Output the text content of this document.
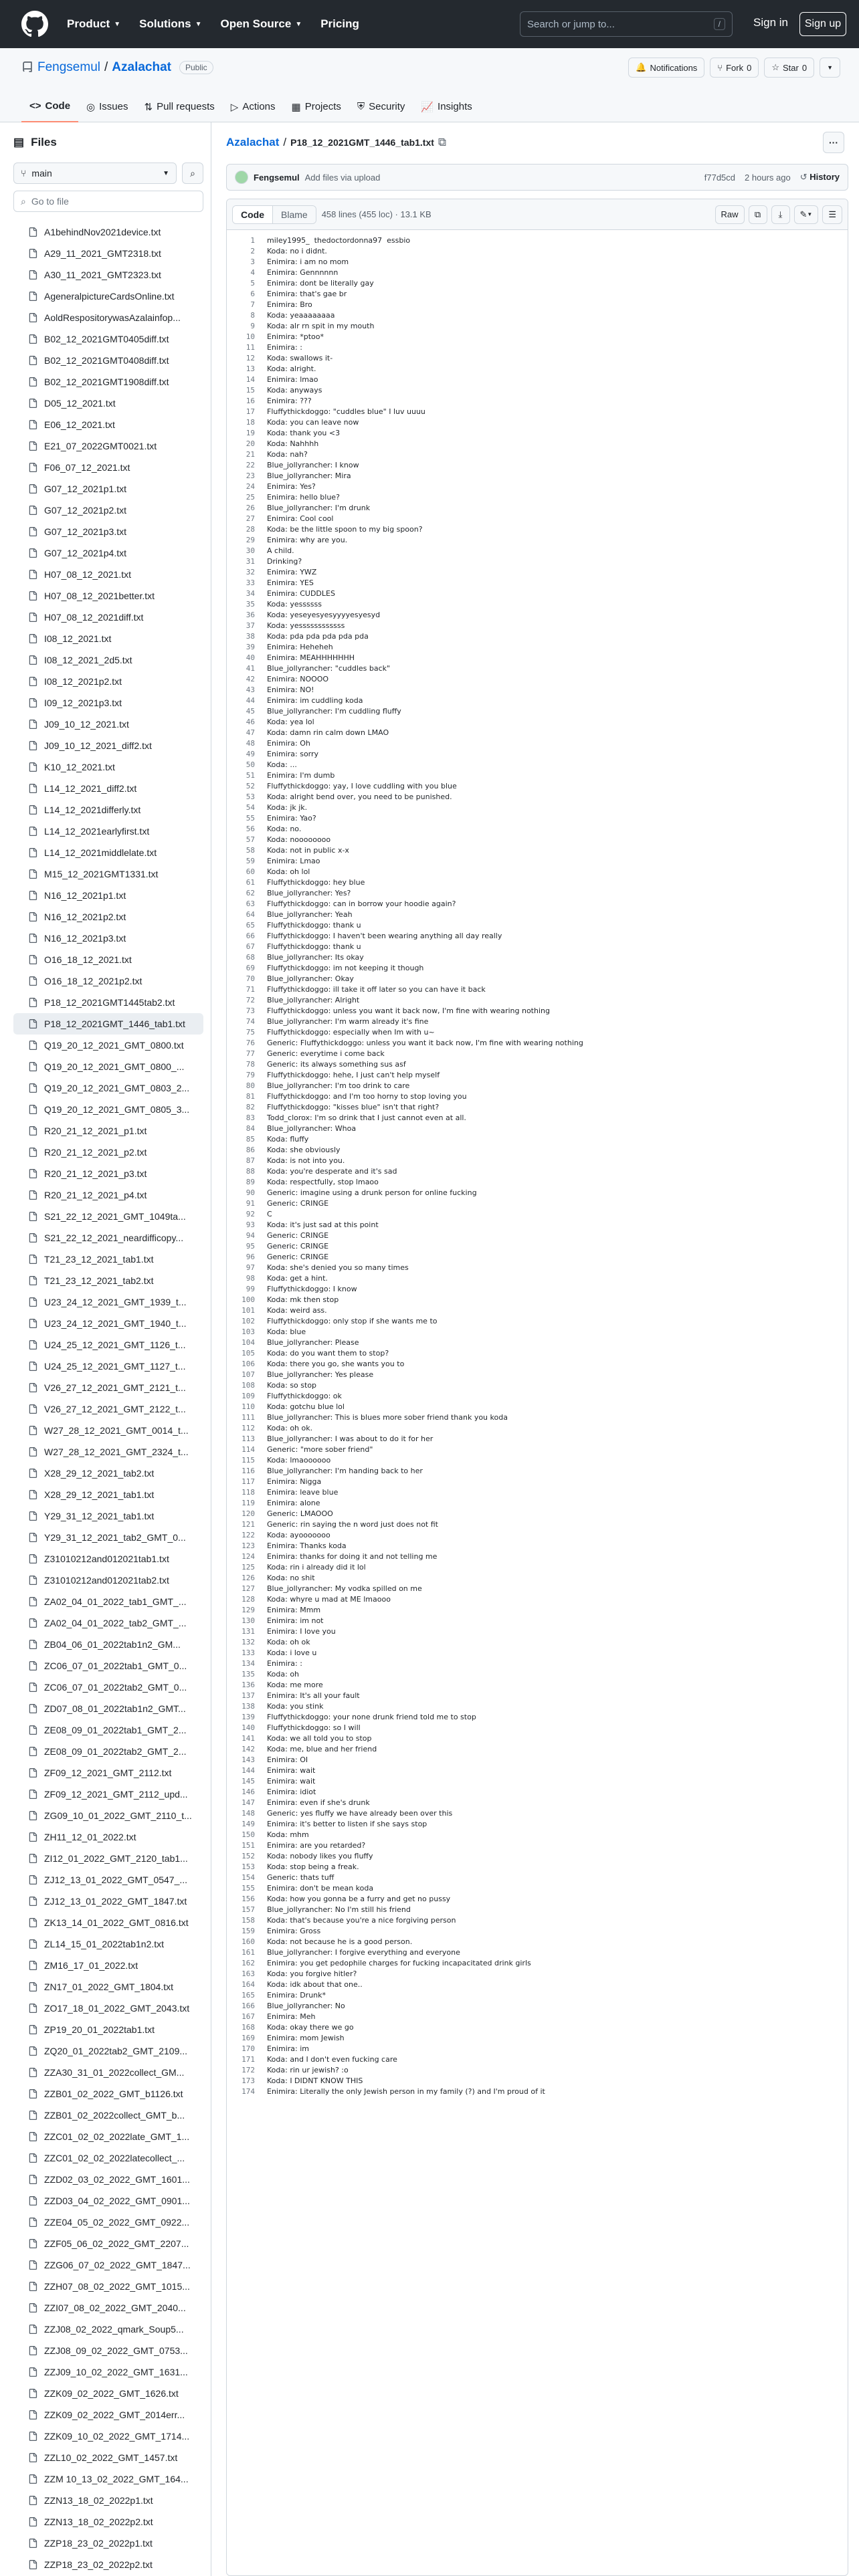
Product ▼ Solutions ▼ Open Source ▼ Pricing	Search or jump to...	/	Sign in	Sign up
Fengsemul / Azalachat	Public	🔔 Notifications ⑂ Fork 0 ☆ Star 0	▼
<> Code ◎ Issues ⇅ Pull requests ▷ Actions ▦ Projects ⛨ Security 📈 Insights
▤ Files
⑂ main	▼ ⌕
⌕ Go to file
A1behindNov2021device.txt
A29_11_2021_GMT2318.txt
A30_11_2021_GMT2323.txt
AgeneralpictureCardsOnline.txt
AoldRespositorywasAzalainfop...
B02_12_2021GMT0405diff.txt
B02_12_2021GMT0408diff.txt
B02_12_2021GMT1908diff.txt
D05_12_2021.txt
E06_12_2021.txt
E21_07_2022GMT0021.txt
F06_07_12_2021.txt
G07_12_2021p1.txt
G07_12_2021p2.txt
G07_12_2021p3.txt
G07_12_2021p4.txt
H07_08_12_2021.txt
H07_08_12_2021better.txt
H07_08_12_2021diff.txt
I08_12_2021.txt
I08_12_2021_2d5.txt
I08_12_2021p2.txt
I09_12_2021p3.txt
J09_10_12_2021.txt
J09_10_12_2021_diff2.txt
K10_12_2021.txt
L14_12_2021_diff2.txt
L14_12_2021differly.txt
L14_12_2021earlyfirst.txt
L14_12_2021middlelate.txt
M15_12_2021GMT1331.txt
N16_12_2021p1.txt
N16_12_2021p2.txt
N16_12_2021p3.txt
O16_18_12_2021.txt
O16_18_12_2021p2.txt
P18_12_2021GMT1445tab2.txt
P18_12_2021GMT_1446_tab1.txt
Q19_20_12_2021_GMT_0800.txt
Q19_20_12_2021_GMT_0800_...
Q19_20_12_2021_GMT_0803_2...
Q19_20_12_2021_GMT_0805_3...
R20_21_12_2021_p1.txt
R20_21_12_2021_p2.txt
R20_21_12_2021_p3.txt
R20_21_12_2021_p4.txt
S21_22_12_2021_GMT_1049ta...
S21_22_12_2021_neardifficopy...
T21_23_12_2021_tab1.txt
T21_23_12_2021_tab2.txt
U23_24_12_2021_GMT_1939_t...
U23_24_12_2021_GMT_1940_t...
U24_25_12_2021_GMT_1126_t...
U24_25_12_2021_GMT_1127_t...
V26_27_12_2021_GMT_2121_t...
V26_27_12_2021_GMT_2122_t...
W27_28_12_2021_GMT_0014_t...
W27_28_12_2021_GMT_2324_t...
X28_29_12_2021_tab2.txt
X28_29_12_2021_tab1.txt
Y29_31_12_2021_tab1.txt
Y29_31_12_2021_tab2_GMT_0...
Z31010212and012021tab1.txt
Z31010212and012021tab2.txt
ZA02_04_01_2022_tab1_GMT_...
ZA02_04_01_2022_tab2_GMT_...
ZB04_06_01_2022tab1n2_GM...
ZC06_07_01_2022tab1_GMT_0...
ZC06_07_01_2022tab2_GMT_0...
ZD07_08_01_2022tab1n2_GMT...
ZE08_09_01_2022tab1_GMT_2...
ZE08_09_01_2022tab2_GMT_2...
ZF09_12_2021_GMT_2112.txt
ZF09_12_2021_GMT_2112_upd...
ZG09_10_01_2022_GMT_2110_t...
ZH11_12_01_2022.txt
ZI12_01_2022_GMT_2120_tab1...
ZJ12_13_01_2022_GMT_0547_...
ZJ12_13_01_2022_GMT_1847.txt
ZK13_14_01_2022_GMT_0816.txt
ZL14_15_01_2022tab1n2.txt
ZM16_17_01_2022.txt
ZN17_01_2022_GMT_1804.txt
ZO17_18_01_2022_GMT_2043.txt
ZP19_20_01_2022tab1.txt
ZQ20_01_2022tab2_GMT_2109...
ZZA30_31_01_2022collect_GM...
ZZB01_02_2022_GMT_b1126.txt
ZZB01_02_2022collect_GMT_b...
ZZC01_02_02_2022late_GMT_1...
ZZC01_02_02_2022latecollect_...
ZZD02_03_02_2022_GMT_1601...
ZZD03_04_02_2022_GMT_0901...
ZZE04_05_02_2022_GMT_0922...
ZZF05_06_02_2022_GMT_2207...
ZZG06_07_02_2022_GMT_1847...
ZZH07_08_02_2022_GMT_1015...
ZZI07_08_02_2022_GMT_2040...
ZZJ08_02_2022_qmark_Soup5...
ZZJ08_09_02_2022_GMT_0753...
ZZJ09_10_02_2022_GMT_1631...
ZZK09_02_2022_GMT_1626.txt
ZZK09_02_2022_GMT_2014err...
ZZK09_10_02_2022_GMT_1714...
ZZL10_02_2022_GMT_1457.txt
ZZM 10_13_02_2022_GMT_164...
ZZN13_18_02_2022p1.txt
ZZN13_18_02_2022p2.txt
ZZP18_23_02_2022p1.txt
ZZP18_23_02_2022p2.txt
Azalachat / P18_12_2021GMT_1446_tab1.txt ⧉	···
Fengsemul Add files via upload	f77d5cd 2 hours ago ↺ History
Code	Blame	458 lines (455 loc) · 13.1 KB	Raw	⧉ ⤓ ✎ ▼ ☰
1	miley1995_  thedoctordonna97  essbio
2	Koda: no i didnt.
3	Enimira: i am no mom
4	Enimira: Gennnnnn
5	Enimira: dont be literally gay
6	Enimira: that's gae br
7	Enimira: Bro
8	Koda: yeaaaaaaaa
9	Koda: alr rn spit in my mouth
10	Enimira: *ptoo*
11	Enimira: :
12	Koda: swallows it-
13	Koda: alright.
14	Enimira: lmao
15	Koda: anyways
16	Enimira: ???
17	Fluffythickdoggo: "cuddles blue" I luv uuuu
18	Koda: you can leave now
19	Koda: thank you <3
20	Koda: Nahhhh
21	Koda: nah?
22	Blue_jollyrancher: I know
23	Blue_jollyrancher: Mira
24	Enimira: Yes?
25	Enimira: hello blue?
26	Blue_jollyrancher: I'm drunk
27	Enimira: Cool cool
28	Koda: be the little spoon to my big spoon?
29	Enimira: why are you.
30	A child.
31	Drinking?
32	Enimira: YWZ
33	Enimira: YES
34	Enimira: CUDDLES
35	Koda: yessssss
36	Koda: yeseyesyesyyyyesyesyd
37	Koda: yessssssssssss
38	Koda: pda pda pda pda pda
39	Enimira: Heheheh
40	Enimira: MEAHHHHHHH
41	Blue_jollyrancher: "cuddles back"
42	Enimira: NOOOO
43	Enimira: NO!
44	Enimira: im cuddling koda
45	Blue_jollyrancher: I'm cuddling fluffy
46	Koda: yea lol
47	Koda: damn rin calm down LMAO
48	Enimira: Oh
49	Enimira: sorry
50	Koda: ...
51	Enimira: I'm dumb
52	Fluffythickdoggo: yay, I love cuddling with you blue
53	Koda: alright bend over, you need to be punished.
54	Koda: jk jk.
55	Enimira: Yao?
56	Koda: no.
57	Koda: noooooooo
58	Koda: not in public x-x
59	Enimira: Lmao
60	Koda: oh lol
61	Fluffythickdoggo: hey blue
62	Blue_jollyrancher: Yes?
63	Fluffythickdoggo: can in borrow your hoodie again?
64	Blue_jollyrancher: Yeah
65	Fluffythickdoggo: thank u
66	Fluffythickdoggo: I haven't been wearing anything all day really
67	Fluffythickdoggo: thank u
68	Blue_jollyrancher: Its okay
69	Fluffythickdoggo: im not keeping it though
70	Blue_jollyrancher: Okay
71	Fluffythickdoggo: ill take it off later so you can have it back
72	Blue_jollyrancher: Alright
73	Fluffythickdoggo: unless you want it back now, I'm fine with wearing nothing
74	Blue_jollyrancher: I'm warm already it's fine
75	Fluffythickdoggo: especially when Im with u~
76	Generic: Fluffythickdoggo: unless you want it back now, I'm fine with wearing nothing
77	Generic: everytime i come back
78	Generic: its always something sus asf
79	Fluffythickdoggo: hehe, I just can't help myself
80	Blue_jollyrancher: I'm too drink to care
81	Fluffythickdoggo: and I'm too horny to stop loving you
82	Fluffythickdoggo: "kisses blue" isn't that right?
83	Todd_clorox: I'm so drink that I just cannot even at all.
84	Blue_jollyrancher: Whoa
85	Koda: fluffy
86	Koda: she obviously
87	Koda: is not into you.
88	Koda: you're desperate and it's sad
89	Koda: respectfully, stop lmaoo
90	Generic: imagine using a drunk person for online fucking
91	Generic: CRINGE
92	C
93	Koda: it's just sad at this point
94	Generic: CRINGE
95	Generic: CRINGE
96	Generic: CRINGE
97	Koda: she's denied you so many times
98	Koda: get a hint.
99	Fluffythickdoggo: I know
100	Koda: mk then stop
101	Koda: weird ass.
102	Fluffythickdoggo: only stop if she wants me to
103	Koda: blue
104	Blue_jollyrancher: Please
105	Koda: do you want them to stop?
106	Koda: there you go, she wants you to
107	Blue_jollyrancher: Yes please
108	Koda: so stop
109	Fluffythickdoggo: ok
110	Koda: gotchu blue lol
111	Blue_jollyrancher: This is blues more sober friend thank you koda
112	Koda: oh ok.
113	Blue_jollyrancher: I was about to do it for her
114	Generic: "more sober friend"
115	Koda: lmaoooooo
116	Blue_jollyrancher: I'm handing back to her
117	Enimira: Nigga
118	Enimira: leave blue
119	Enimira: alone
120	Generic: LMAOOO
121	Generic: rin saying the n word just does not fit
122	Koda: ayooooooo
123	Enimira: Thanks koda
124	Enimira: thanks for doing it and not telling me
125	Koda: rin i already did it lol
126	Koda: no shit
127	Blue_jollyrancher: My vodka spilled on me
128	Koda: whyre u mad at ME lmaooo
129	Enimira: Mmm
130	Enimira: im not
131	Enimira: I love you
132	Koda: oh ok
133	Koda: i love u
134	Enimira: :
135	Koda: oh
136	Koda: me more
137	Enimira: It's all your fault
138	Koda: you stink
139	Fluffythickdoggo: your none drunk friend told me to stop
140	Fluffythickdoggo: so I will
141	Koda: we all told you to stop
142	Koda: me, blue and her friend
143	Enimira: OI
144	Enimira: wait
145	Enimira: wait
146	Enimira: idiot
147	Enimira: even if she's drunk
148	Generic: yes fluffy we have already been over this
149	Enimira: it's better to listen if she says stop
150	Koda: mhm
151	Enimira: are you retarded?
152	Koda: nobody likes you fluffy
153	Koda: stop being a freak.
154	Generic: thats tuff
155	Enimira: don't be mean koda
156	Koda: how you gonna be a furry and get no pussy
157	Blue_jollyrancher: No I'm still his friend
158	Koda: that's because you're a nice forgiving person
159	Enimira: Gross
160	Koda: not because he is a good person.
161	Blue_jollyrancher: I forgive everything and everyone
162	Enimira: you get pedophile charges for fucking incapacitated drink girls
163	Koda: you forgive hitler?
164	Koda: idk about that one..
165	Enimira: Drunk*
166	Blue_jollyrancher: No
167	Enimira: Meh
168	Koda: okay there we go
169	Enimira: mom Jewish
170	Enimira: im
171	Koda: and I don't even fucking care
172	Koda: rin ur jewish? :o
173	Koda: I DIDNT KNOW THIS
174	Enimira: Literally the only Jewish person in my family (?) and I'm proud of it
